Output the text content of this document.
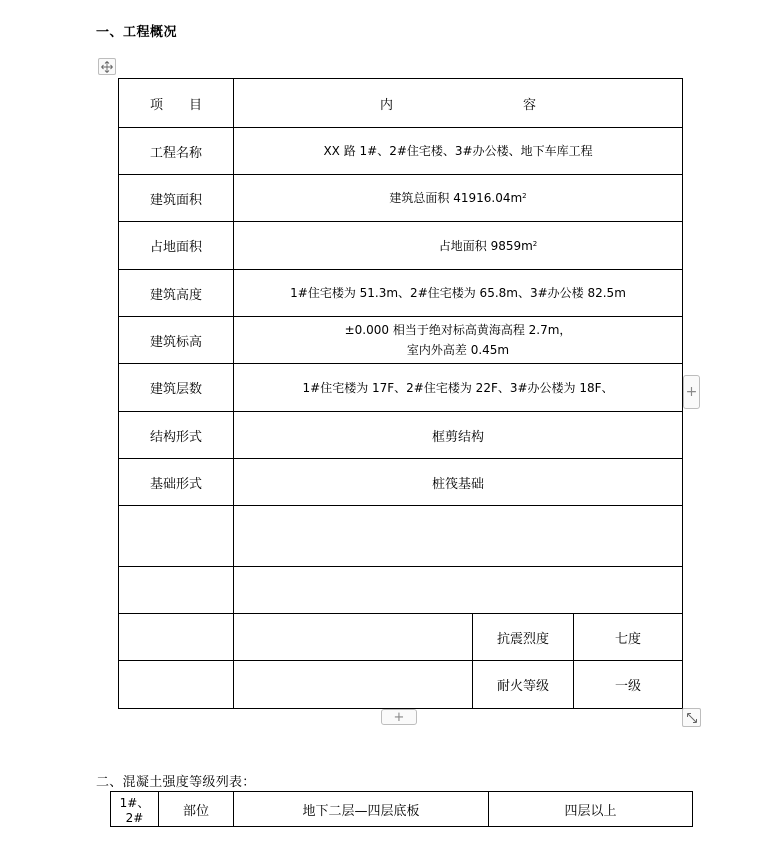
一、工程概况
项　　目	内　　　　　　　　　　容		
工程名称	XX 路 1#、2#住宅楼、3#办公楼、地下车库工程		
建筑面积	建筑总面积 $41916.04m^2$
占地面积	占地面积 $9859m^2$
建筑高度	1#住宅楼为 51.3m、2#住宅楼为 65.8m、3#办公楼 82.5m		
建筑标高	±0.000 相当于绝对标高黄海高程 2.7m，
室内外高差 0.45m		

建筑层数	1#住宅楼为 17F、2#住宅楼为 22F、3#办公楼为 18F、		
结构形式	框剪结构		
基础形式	桩筏基础		

		抗震烈度	七度
		耐火等级	一级
+
+
二、混凝土强度等级列表：
1#、2#	部位	地下二层—四层底板	四层以上
